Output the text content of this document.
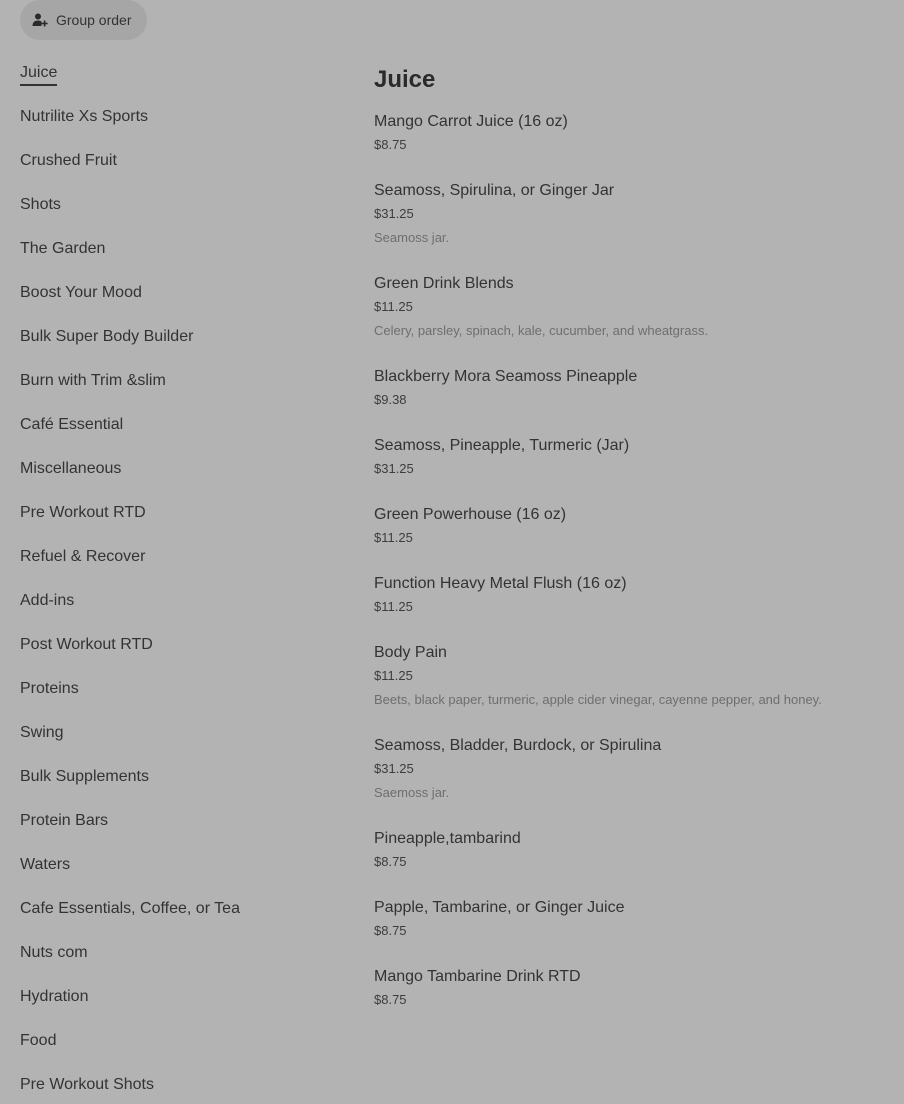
Group order
Juice
Nutrilite Xs Sports
Crushed Fruit
Shots
The Garden
Boost Your Mood
Bulk Super Body Builder
Burn with Trim &slim
Café Essential
Miscellaneous
Pre Workout RTD
Refuel & Recover
Add-ins
Post Workout RTD
Proteins
Swing
Bulk Supplements
Protein Bars
Waters
Cafe Essentials, Coffee, or Tea
Nuts com
Hydration
Food
Pre Workout Shots
Juice
Mango Carrot Juice (16 oz)
$8.75
Seamoss, Spirulina, or Ginger Jar
$31.25
Seamoss jar.
Green Drink Blends
$11.25
Celery, parsley, spinach, kale, cucumber, and wheatgrass.
Blackberry Mora Seamoss Pineapple
$9.38
Seamoss, Pineapple, Turmeric (Jar)
$31.25
Green Powerhouse (16 oz)
$11.25
Function Heavy Metal Flush (16 oz)
$11.25
Body Pain
$11.25
Beets, black paper, turmeric, apple cider vinegar, cayenne pepper, and honey.
Seamoss, Bladder, Burdock, or Spirulina
$31.25
Saemoss jar.
Pineapple,tambarind
$8.75
Papple, Tambarine, or Ginger Juice
$8.75
Mango Tambarine Drink RTD
$8.75
